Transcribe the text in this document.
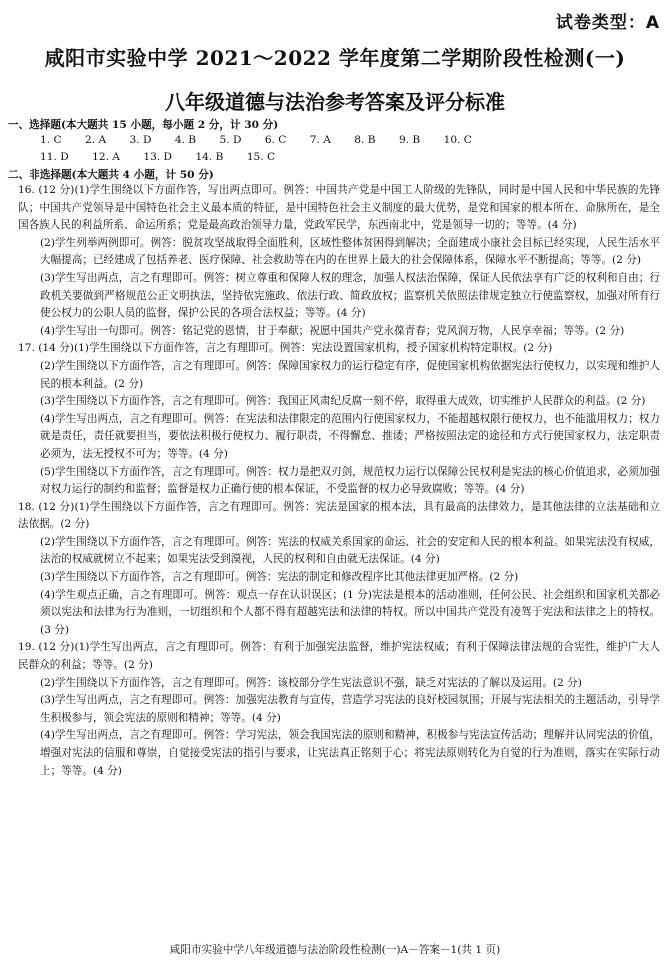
试卷类型：A
咸阳市实验中学 2021～2022 学年度第二学期阶段性检测(一)
八年级道德与法治参考答案及评分标准
一、选择题(本大题共 15 小题，每小题 2 分，计 30 分)
1. C 2. A 3. D 4. B 5. D 6. C 7. A 8. B 9. B 10. C
11. D 12. A 13. D 14. B 15. C
二、非选择题(本大题共 4 小题，计 50 分)

16. (12 分)(1)学生围绕以下方面作答，写出两点即可。例答：中国共产党是中国工人阶级的先锋队，同时是中国人民和中华民族的先锋队；中国共产党领导是中国特色社会主义最本质的特征，是中国特色社会主义制度的最大优势，是党和国家的根本所在、命脉所在，是全国各族人民的利益所系、命运所系；党是最高政治领导力量，党政军民学，东西南北中，党是领导一切的；等等。(4 分)

(2)学生列举两例即可。例答：脱贫攻坚战取得全面胜利，区域性整体贫困得到解决；全面建成小康社会目标已经实现，人民生活水平大幅提高；已经建成了包括养老、医疗保障、社会救助等在内的在世界上最大的社会保障体系，保障水平不断提高；等等。(2 分)

(3)学生写出两点，言之有理即可。例答：树立尊重和保障人权的理念，加强人权法治保障，保证人民依法享有广泛的权利和自由；行政机关要做到严格规范公正文明执法，坚持依宪施政、依法行政、简政放权；监察机关依照法律规定独立行使监察权，加强对所有行使公权力的公职人员的监督，保护公民的各项合法权益；等等。(4 分)

(4)学生写出一句即可。例答：铭记党的恩情，甘于奉献；祝愿中国共产党永葆青春；党风润万物，人民享幸福；等等。(2 分)

17. (14 分)(1)学生围绕以下方面作答，言之有理即可。例答：宪法设置国家机构，授予国家机构特定职权。(2 分)

(2)学生围绕以下方面作答，言之有理即可。例答：保障国家权力的运行稳定有序，促使国家机构依据宪法行使权力，以实现和维护人民的根本利益。(2 分)

(3)学生围绕以下方面作答，言之有理即可。例答：我国正风肃纪反腐一刻不停，取得重大成效，切实维护人民群众的利益。(2 分)

(4)学生写出两点，言之有理即可。例答：在宪法和法律限定的范围内行使国家权力，不能超越权限行使权力，也不能滥用权力；权力就是责任，责任就要担当，要依法积极行使权力、履行职责，不得懈怠、推诿；严格按照法定的途径和方式行使国家权力，法定职责必须为，法无授权不可为；等等。(4 分)

(5)学生围绕以下方面作答，言之有理即可。例答：权力是把双刃剑，规范权力运行以保障公民权利是宪法的核心价值追求，必须加强对权力运行的制约和监督；监督是权力正确行使的根本保证，不受监督的权力必导致腐败；等等。(4 分)

18. (12 分)(1)学生围绕以下方面作答，言之有理即可。例答：宪法是国家的根本法，具有最高的法律效力，是其他法律的立法基础和立法依据。(2 分)

(2)学生围绕以下方面作答，言之有理即可。例答：宪法的权威关系国家的命运、社会的安定和人民的根本利益。如果宪法没有权威，法治的权威就树立不起来；如果宪法受到漠视，人民的权利和自由就无法保证。(4 分)

(3)学生围绕以下方面作答，言之有理即可。例答：宪法的制定和修改程序比其他法律更加严格。(2 分)

(4)学生观点正确，言之有理即可。例答：观点一存在认识误区；(1 分)宪法是根本的活动准则，任何公民、社会组织和国家机关都必须以宪法和法律为行为准则，一切组织和个人都不得有超越宪法和法律的特权。所以中国共产党没有凌驾于宪法和法律之上的特权。(3 分)

19. (12 分)(1)学生写出两点，言之有理即可。例答：有利于加强宪法监督，维护宪法权威；有利于保障法律法规的合宪性，维护广大人民群众的利益；等等。(2 分)

(2)学生围绕以下方面作答，言之有理即可。例答：该校部分学生宪法意识不强，缺乏对宪法的了解以及运用。(2 分)

(3)学生写出两点，言之有理即可。例答：加强宪法教育与宣传，营造学习宪法的良好校园氛围；开展与宪法相关的主题活动，引导学生积极参与，领会宪法的原则和精神；等等。(4 分)

(4)学生写出两点，言之有理即可。例答：学习宪法，领会我国宪法的原则和精神，积极参与宪法宣传活动；理解并认同宪法的价值，增强对宪法的信服和尊崇，自觉接受宪法的指引与要求，让宪法真正铭刻于心；将宪法原则转化为自觉的行为准则，落实在实际行动上；等等。(4 分)

咸阳市实验中学八年级道德与法治阶段性检测(一)A－答案－1(共 1 页)
